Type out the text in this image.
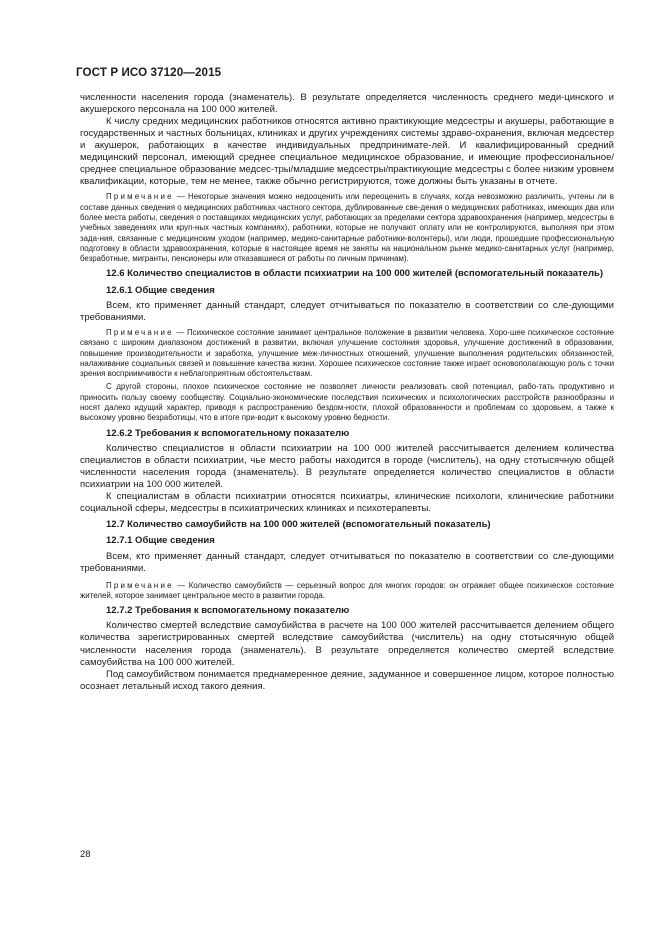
ГОСТ Р ИСО 37120—2015

численности населения города (знаменатель). В результате определяется численность среднего меди-цинского и акушерского персонала на 100 000 жителей.

К числу средних медицинских работников относятся активно практикующие медсестры и акушеры, работающие в государственных и частных больницах, клиниках и других учреждениях системы здраво-охранения, включая медсестер и акушерок, работающих в качестве индивидуальных предпринимате-лей. И квалифицированный средний медицинский персонал, имеющий среднее специальное медицинское образование, и имеющие профессиональное/среднее специальное образование медсес-тры/младшие медсестры/практикующие медсестры с более низким уровнем квалификации, которые, тем не менее, также обычно регистрируются, тоже должны быть указаны в отчете.

Примечание — Некоторые значения можно недооценить или переоценить в случаях, когда невозможно различить, учтены ли в составе данных сведения о медицинских работниках частного сектора, дублированные све-дения о медицинских работниках, имеющих два или более места работы, сведения о поставщиках медицинских услуг, работающих за пределами сектора здравоохранения (например, медсестры в учебных заведениях или круп-ных частных компаниях), работники, которые не получают оплату или не контролируются, выполняя при этом зада-ния, связанные с медицинским уходом (например, медико-санитарные работники-волонтеры), или люди, прошедшие профессиональную подготовку в области здравоохранения, которые в настоящее время не заняты на национальном рынке медико-санитарных услуг (например, безработные, мигранты, пенсионеры или отказавшиеся от работы по личным причинам).

12.6 Количество специалистов в области психиатрии на 100 000 жителей (вспомогательный показатель)

12.6.1 Общие сведения

Всем, кто применяет данный стандарт, следует отчитываться по показателю в соответствии со сле-дующими требованиями.

Примечание — Психическое состояние занимает центральное положение в развитии человека. Хоро-шее психическое состояние связано с широким диапазоном достижений в развитии, включая улучшение состояния здоровья, улучшение достижений в образовании, повышение производительности и заработка, улучшение меж-личностных отношений, улучшение выполнения родительских обязанностей, налаживание социальных связей и повышение качества жизни. Хорошее психическое состояние также играет основополагающую роль с точки зрения восприимчивости к неблагоприятным обстоятельствам.

С другой стороны, плохое психическое состояние не позволяет личности реализовать свой потенциал, рабо-тать продуктивно и приносить пользу своему сообществу. Социально-экономические последствия психических и психологических расстройств разнообразны и носят далеко идущий характер, приводя к распространению бездом-ности, плохой образованности и проблемам со здоровьем, а также к высокому уровню безработицы, что в итоге при-водит к высокому уровню бедности.

12.6.2 Требования к вспомогательному показателю

Количество специалистов в области психиатрии на 100 000 жителей рассчитывается делением количества специалистов в области психиатрии, чье место работы находится в городе (числитель), на одну стотысячную общей численности населения города (знаменатель). В результате определяется количество специалистов в области психиатрии на 100 000 жителей.

К специалистам в области психиатрии относятся психиатры, клинические психологи, клинические работники социальной сферы, медсестры в психиатрических клиниках и психотерапевты.

12.7 Количество самоубийств на 100 000 жителей (вспомогательный показатель)

12.7.1 Общие сведения

Всем, кто применяет данный стандарт, следует отчитываться по показателю в соответствии со сле-дующими требованиями.

Примечание — Количество самоубийств — серьезный вопрос для многих городов: он отражает общее психическое состояние жителей, которое занимает центральное место в развитии города.

12.7.2 Требования к вспомогательному показателю

Количество смертей вследствие самоубийства в расчете на 100 000 жителей рассчитывается делением общего количества зарегистрированных смертей вследствие самоубийства (числитель) на одну стотысячную общей численности населения города (знаменатель). В результате определяется количество смертей вследствие самоубийства на 100 000 жителей.

Под самоубийством понимается преднамеренное деяние, задуманное и совершенное лицом, которое полностью осознает летальный исход такого деяния.

28
